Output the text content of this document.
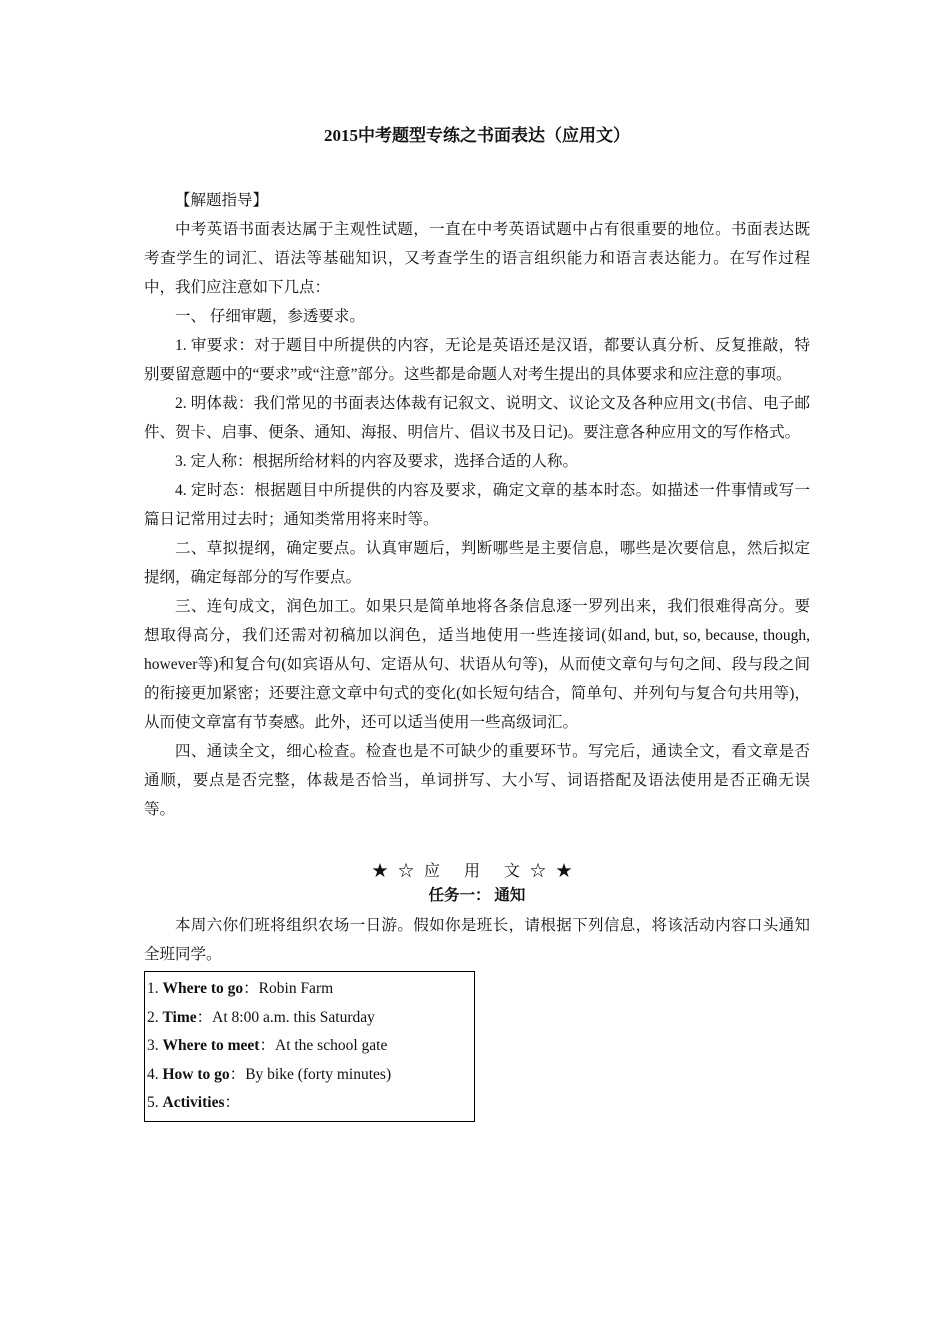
2015中考题型专练之书面表达（应用文）

【解题指导】

中考英语书面表达属于主观性试题，一直在中考英语试题中占有很重要的地位。书面表达既考查学生的词汇、语法等基础知识，又考查学生的语言组织能力和语言表达能力。在写作过程中，我们应注意如下几点：

一、 仔细审题，参透要求。

1. 审要求：对于题目中所提供的内容，无论是英语还是汉语，都要认真分析、反复推敲，特别要留意题中的“要求”或“注意”部分。这些都是命题人对考生提出的具体要求和应注意的事项。

2. 明体裁：我们常见的书面表达体裁有记叙文、说明文、议论文及各种应用文(书信、电子邮件、贺卡、启事、便条、通知、海报、明信片、倡议书及日记)。要注意各种应用文的写作格式。

3. 定人称：根据所给材料的内容及要求，选择合适的人称。

4. 定时态：根据题目中所提供的内容及要求，确定文章的基本时态。如描述一件事情或写一篇日记常用过去时；通知类常用将来时等。

二、草拟提纲，确定要点。认真审题后，判断哪些是主要信息，哪些是次要信息，然后拟定提纲，确定每部分的写作要点。

三、连句成文，润色加工。如果只是简单地将各条信息逐一罗列出来，我们很难得高分。要想取得高分，我们还需对初稿加以润色，适当地使用一些连接词(如and, but, so, because, though, however等)和复合句(如宾语从句、定语从句、状语从句等)，从而使文章句与句之间、段与段之间的衔接更加紧密；还要注意文章中句式的变化(如长短句结合，简单句、并列句与复合句共用等)，从而使文章富有节奏感。此外，还可以适当使用一些高级词汇。

四、通读全文，细心检查。检查也是不可缺少的重要环节。写完后，通读全文，看文章是否通顺，要点是否完整，体裁是否恰当，单词拼写、大小写、词语搭配及语法使用是否正确无误等。

★☆应 用 文☆★
任务一： 通知

本周六你们班将组织农场一日游。假如你是班长，请根据下列信息，将该活动内容口头通知全班同学。

1. Where to go：Robin Farm
2. Time：At 8:00 a.m. this Saturday
3. Where to meet：At the school gate
4. How to go：By bike (forty minutes)
5. Activities：
